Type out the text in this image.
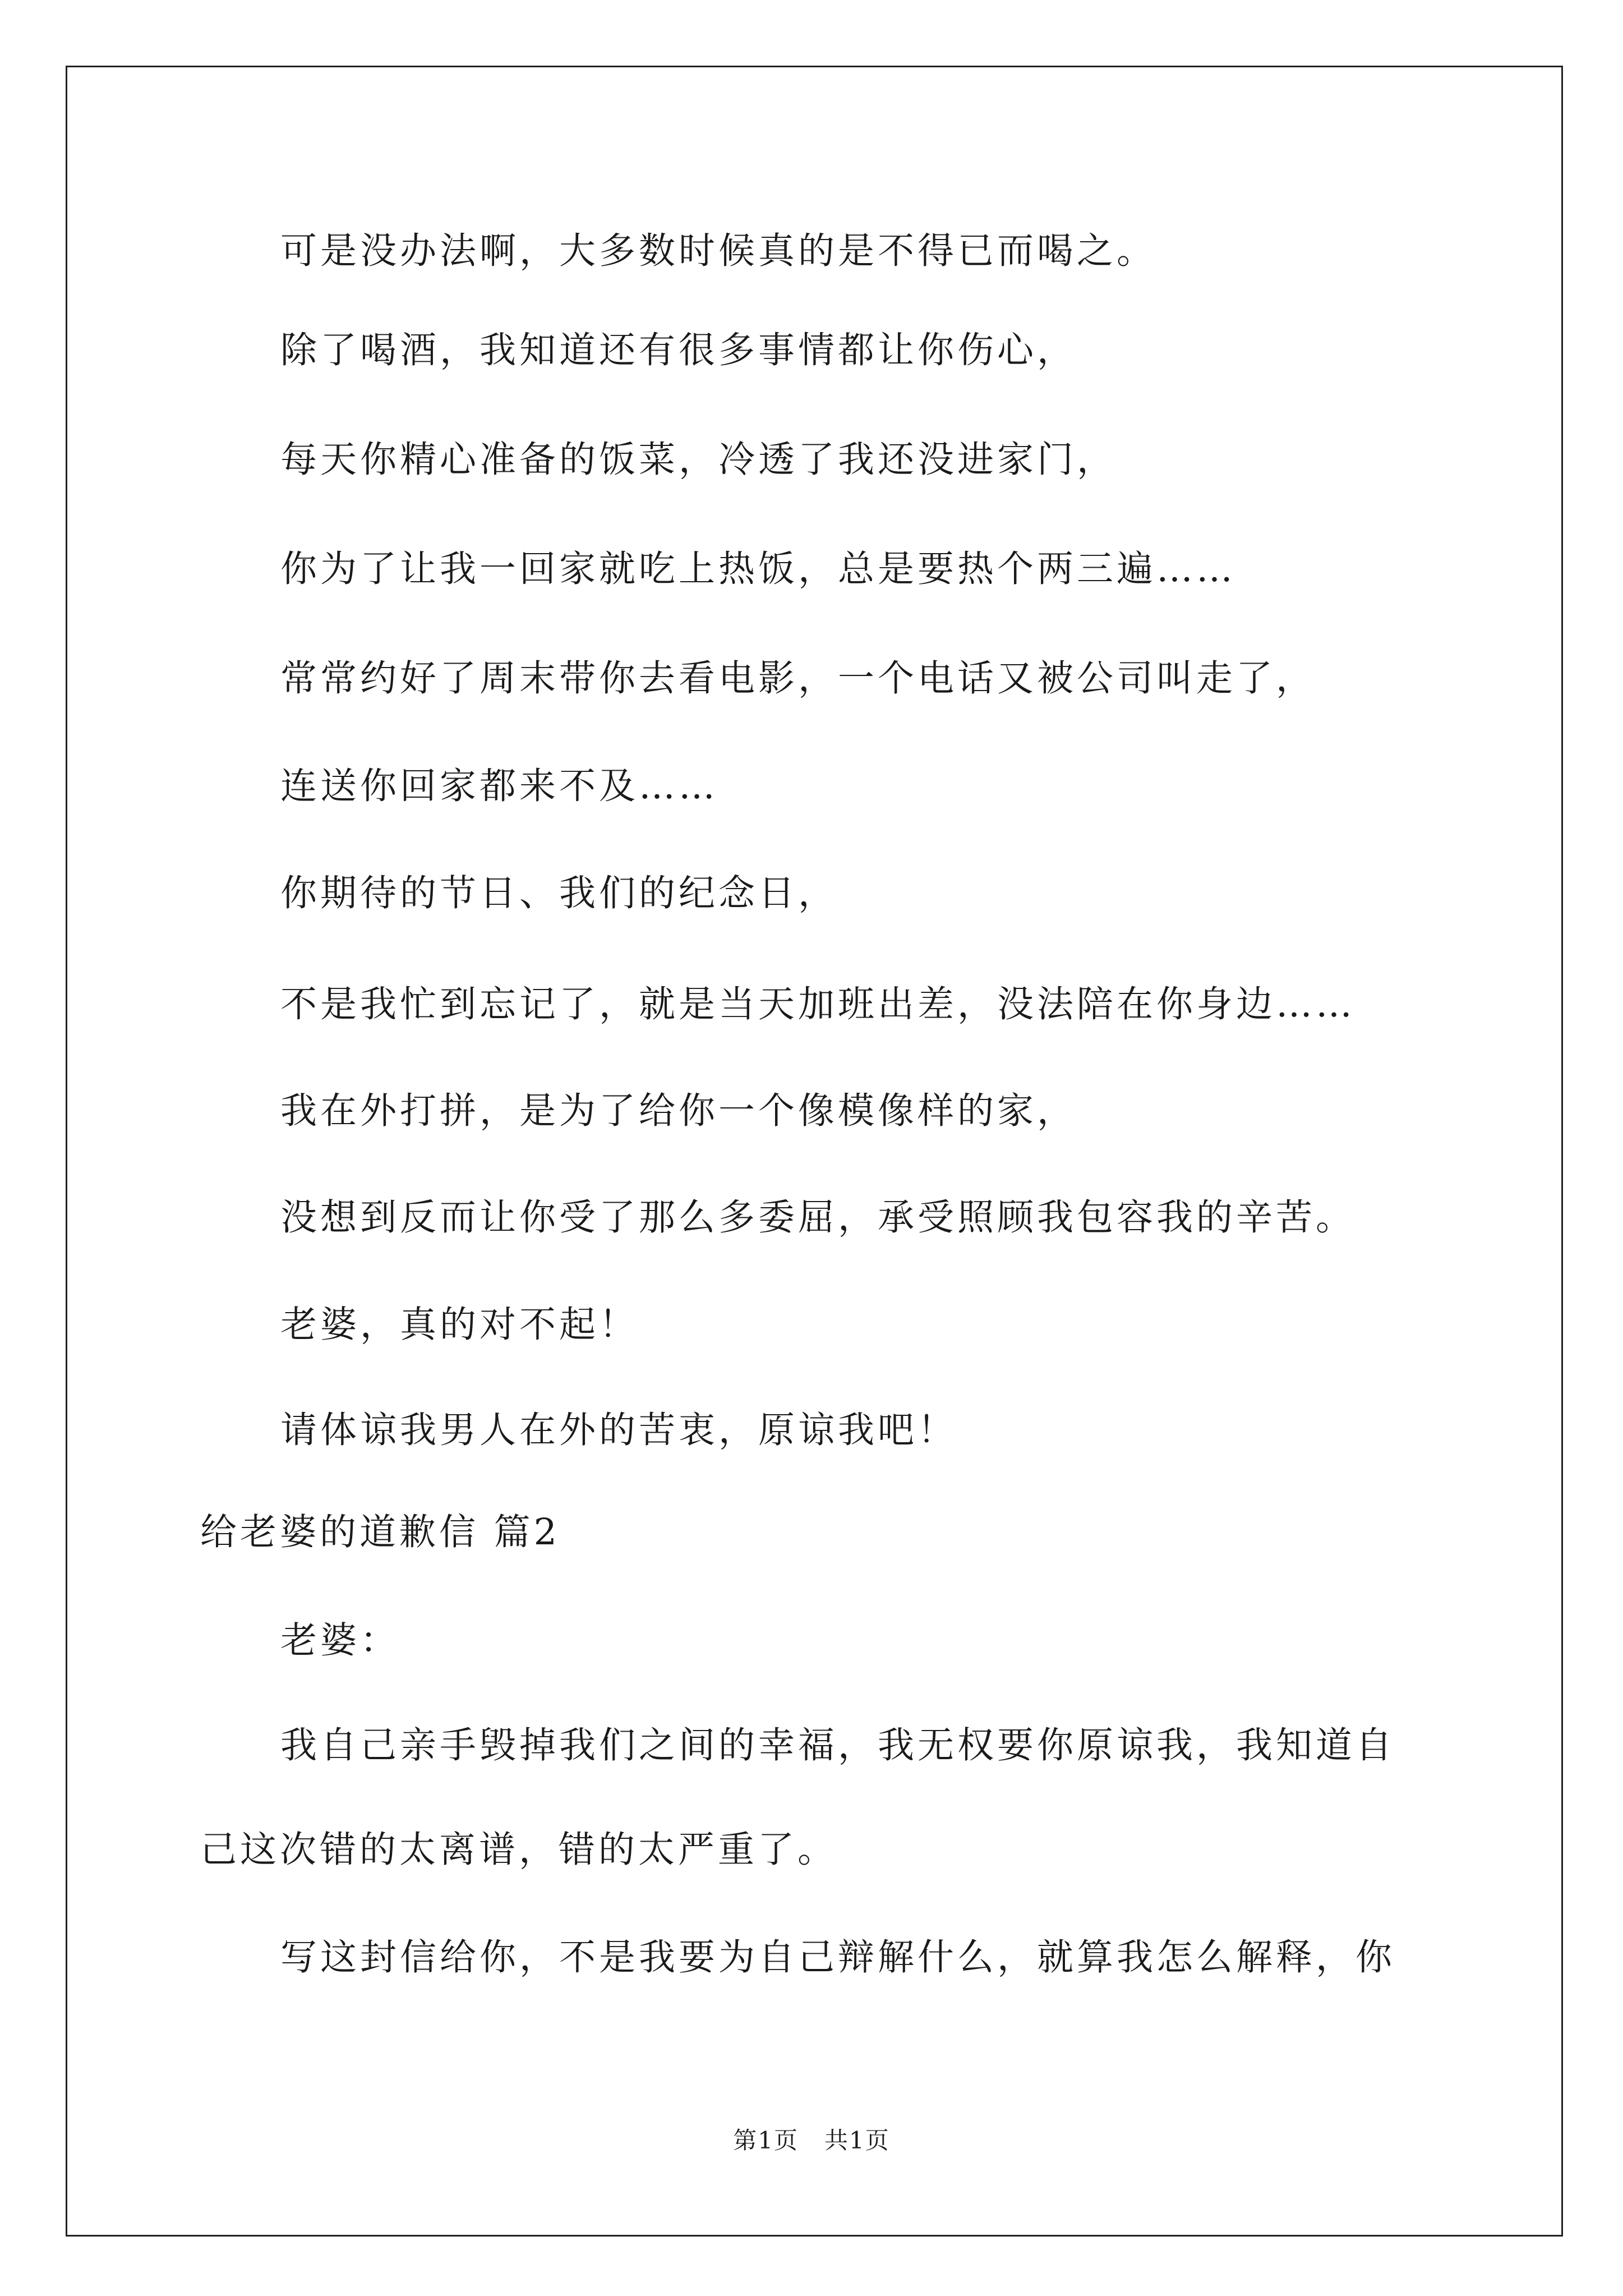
可是没办法啊，大多数时候真的是不得已而喝之。
除了喝酒，我知道还有很多事情都让你伤心，
每天你精心准备的饭菜，冷透了我还没进家门，
你为了让我一回家就吃上热饭，总是要热个两三遍……
常常约好了周末带你去看电影，一个电话又被公司叫走了，
连送你回家都来不及……
你期待的节日、我们的纪念日，
不是我忙到忘记了，就是当天加班出差，没法陪在你身边……
我在外打拼，是为了给你一个像模像样的家，
没想到反而让你受了那么多委屈，承受照顾我包容我的辛苦。
老婆，真的对不起！
请体谅我男人在外的苦衷，原谅我吧！
给老婆的道歉信 篇2
老婆：
我自己亲手毁掉我们之间的幸福，我无权要你原谅我，我知道自
己这次错的太离谱，错的太严重了。
写这封信给你，不是我要为自己辩解什么，就算我怎么解释，你
第1页   共1页
